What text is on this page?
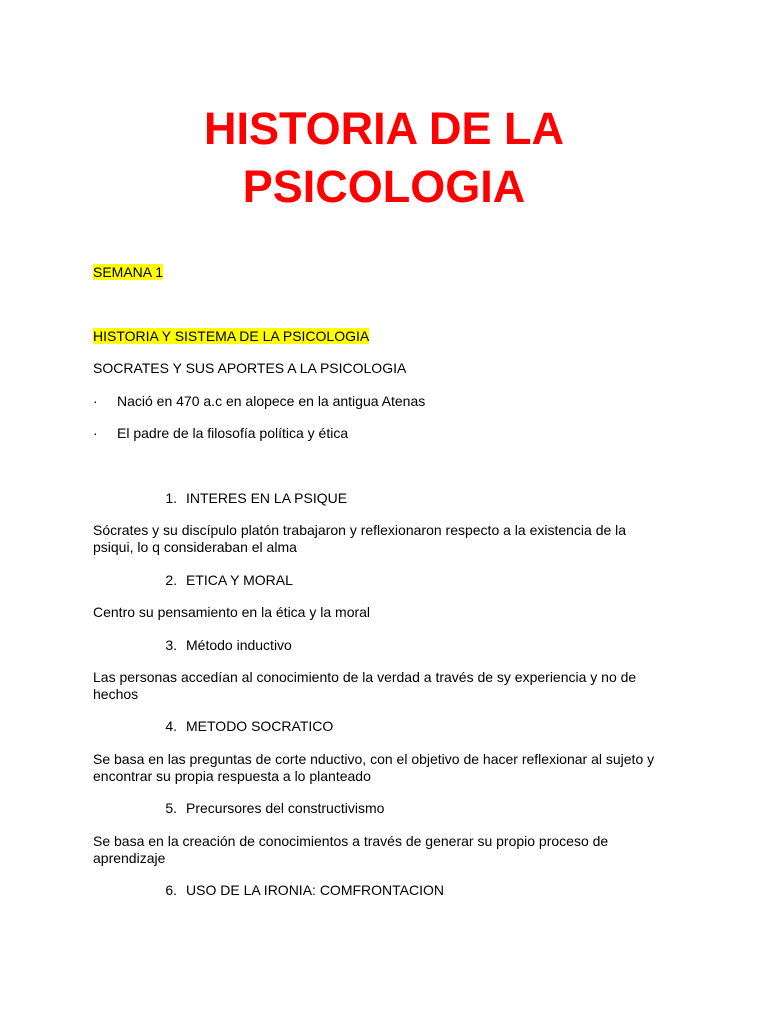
HISTORIA DE LA
PSICOLOGIA
SEMANA 1
HISTORIA Y SISTEMA DE LA PSICOLOGIA
SOCRATES Y SUS APORTES A LA PSICOLOGIA
· Nació en 470 a.c en alopece en la antigua Atenas
· El padre de la filosofía política y ética
1. INTERES EN LA PSIQUE
Sócrates y su discípulo platón trabajaron y reflexionaron respecto a la existencia de la
psiqui, lo q consideraban el alma
2. ETICA Y MORAL
Centro su pensamiento en la ética y la moral
3. Método inductivo
Las personas accedían al conocimiento de la verdad a través de sy experiencia y no de
hechos
4. METODO SOCRATICO
Se basa en las preguntas de corte nductivo, con el objetivo de hacer reflexionar al sujeto y
encontrar su propia respuesta a lo planteado
5. Precursores del constructivismo
Se basa en la creación de conocimientos a través de generar su propio proceso de
aprendizaje
6. USO DE LA IRONIA: COMFRONTACION
